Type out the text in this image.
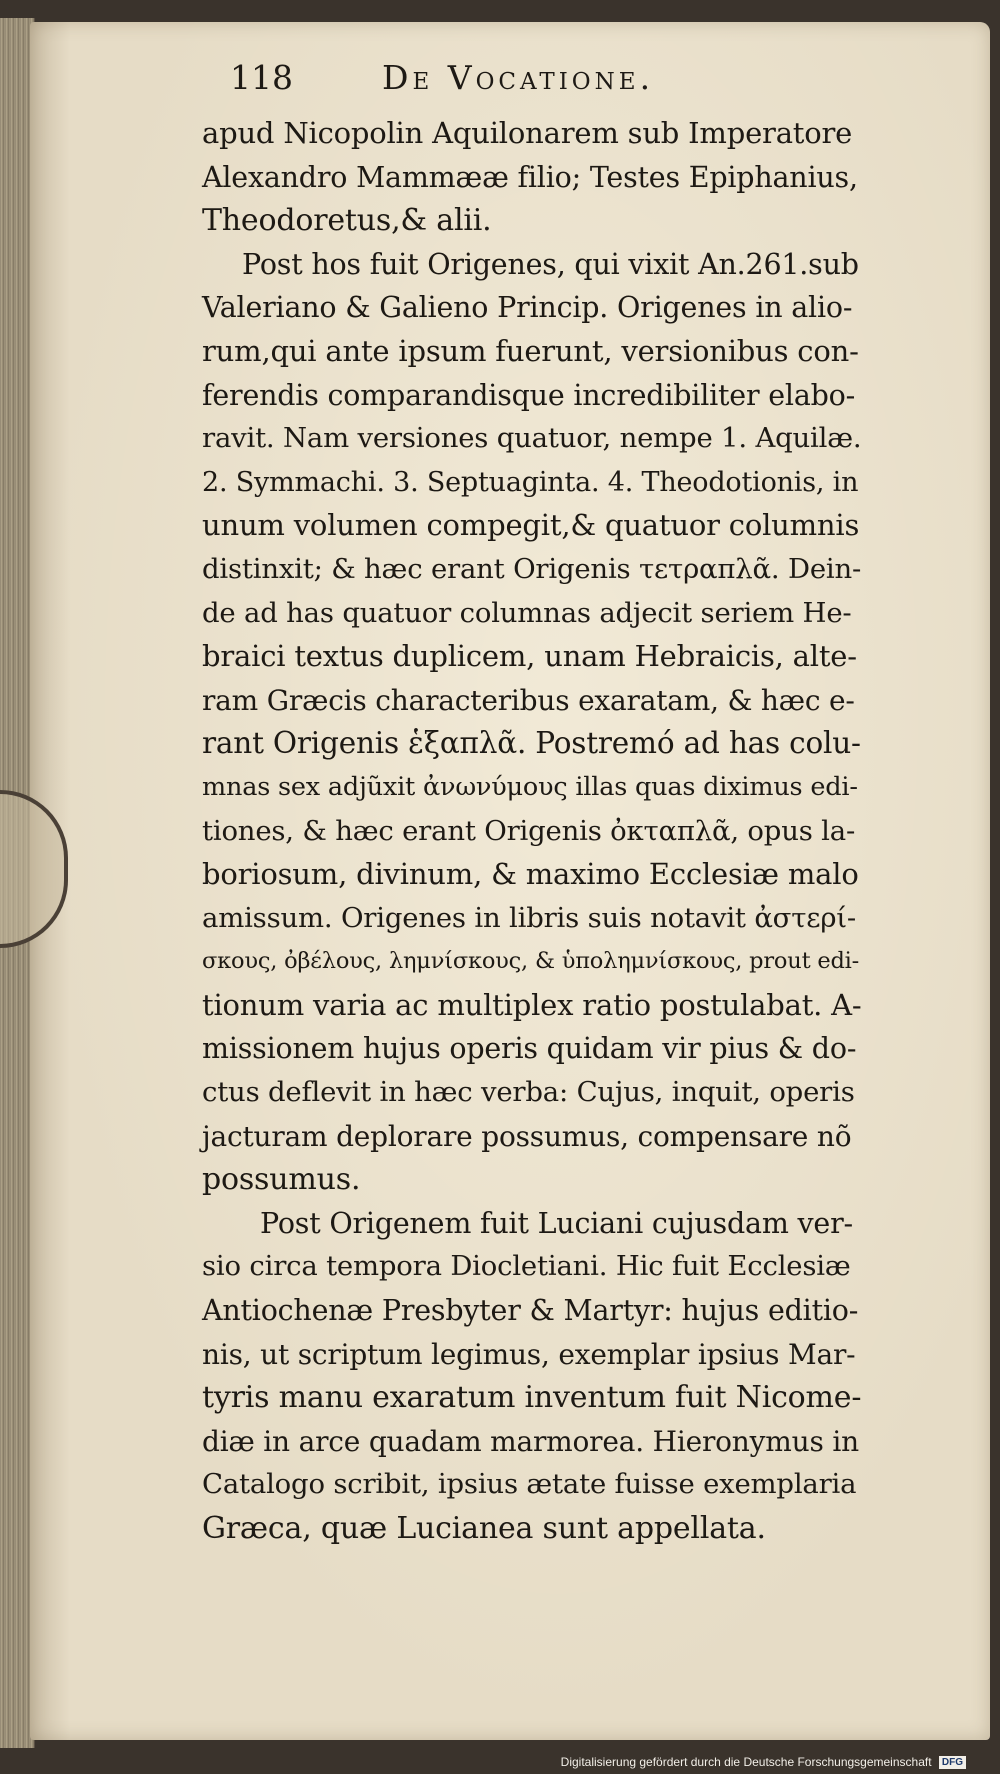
118	De Vocatione.
apud Nicopolin Aquilonarem sub Imperatore
Alexandro Mammææ filio; Testes Epiphanius,
Theodoretus,& alii.
Post hos fuit Origenes, qui vixit An.261.sub
Valeriano & Galieno Princip. Origenes in alio-
rum,qui ante ipsum fuerunt, versionibus con-
ferendis comparandisque incredibiliter elabo-
ravit. Nam versiones quatuor, nempe 1. Aquilæ.
2. Symmachi. 3. Septuaginta. 4. Theodotionis, in
unum volumen compegit,& quatuor columnis
distinxit; & hæc erant Origenis τετραπλᾶ. Dein-
de ad has quatuor columnas adjecit seriem He-
braici textus duplicem, unam Hebraicis, alte-
ram Græcis characteribus exaratam, & hæc e-
rant Origenis ἑξαπλᾶ. Postremó ad has colu-
mnas sex adjũxit ἀνωνύμους illas quas diximus edi-
tiones, & hæc erant Origenis ὀκταπλᾶ, opus la-
boriosum, divinum, & maximo Ecclesiæ malo
amissum. Origenes in libris suis notavit ἀστερί-
σκους, ὀβέλους, λημνίσκους, & ὑπολημνίσκους, prout edi-
tionum varia ac multiplex ratio postulabat. A-
missionem hujus operis quidam vir pius & do-
ctus deflevit in hæc verba: Cujus, inquit, operis
jacturam deplorare possumus, compensare nõ
possumus.
Post Origenem fuit Luciani cujusdam ver-
sio circa tempora Diocletiani. Hic fuit Ecclesiæ
Antiochenæ Presbyter & Martyr: hujus editio-
nis, ut scriptum legimus, exemplar ipsius Mar-
tyris manu exaratum inventum fuit Nicome-
diæ in arce quadam marmorea. Hieronymus in
Catalogo scribit, ipsius ætate fuisse exemplaria
Græca, quæ Lucianea sunt appellata.
Digitalisierung gefördert durch die Deutsche Forschungsgemeinschaft DFG
